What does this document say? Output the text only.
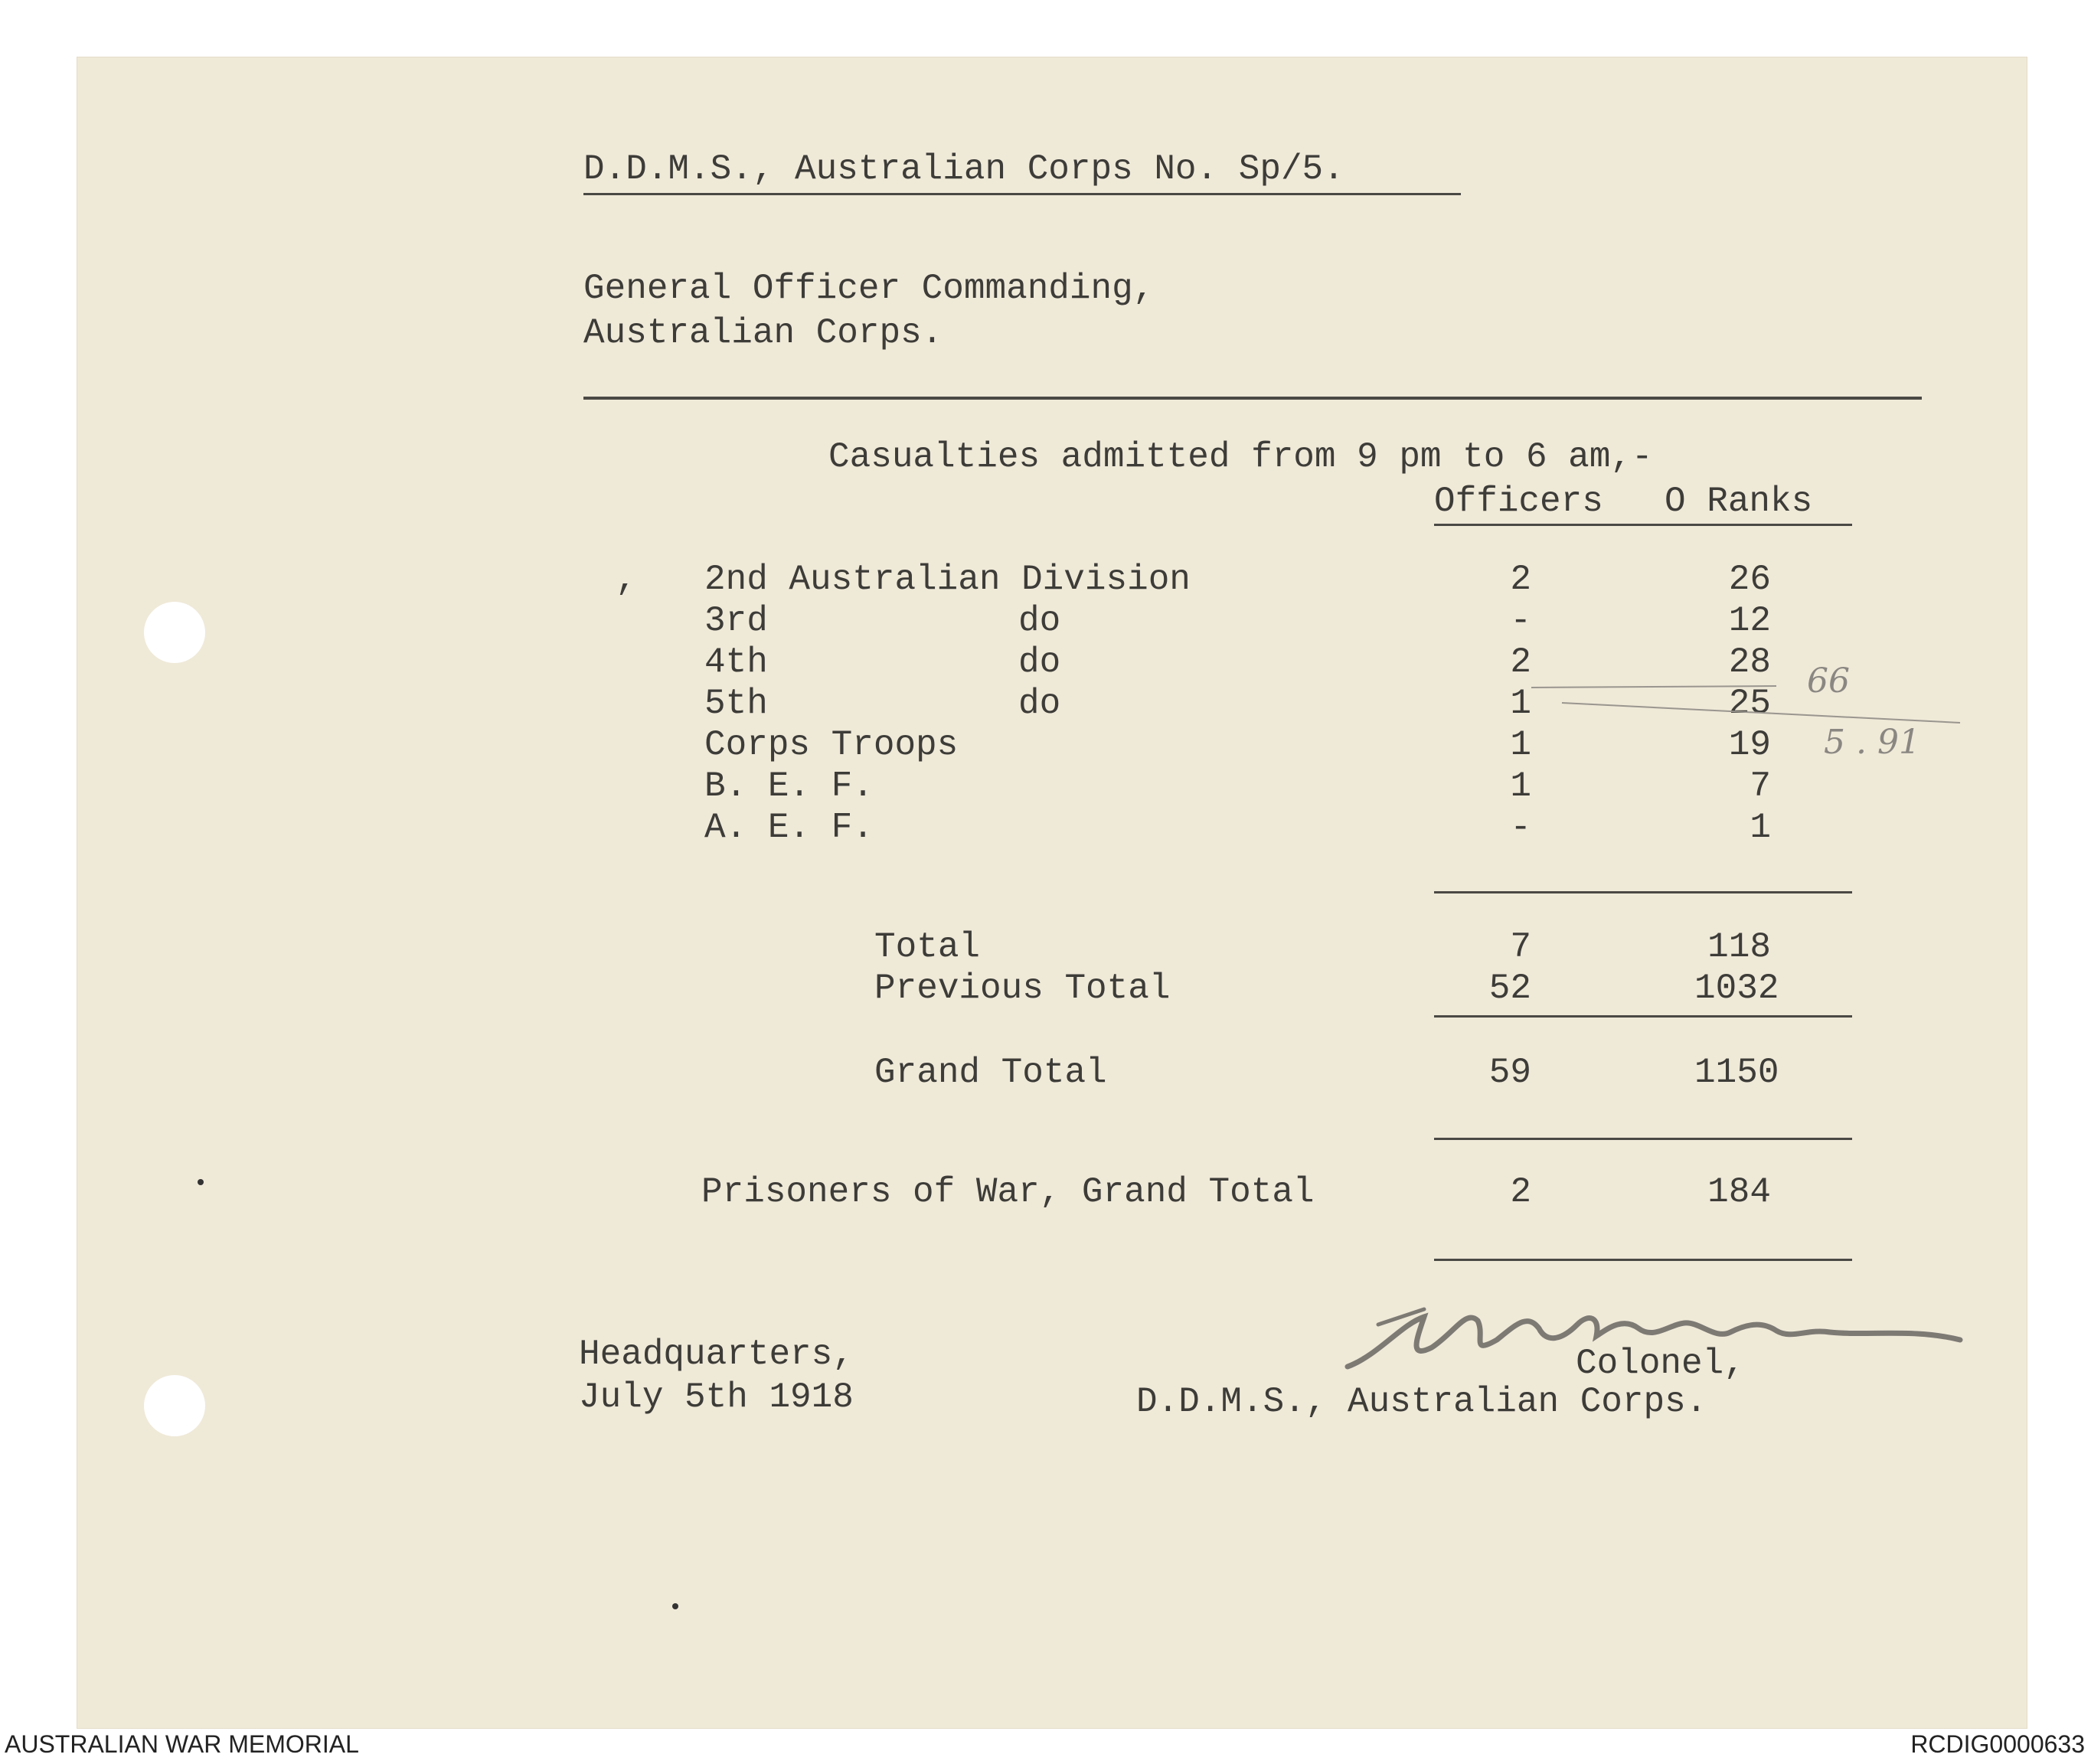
D.D.M.S., Australian Corps No. Sp/5.
General Officer Commanding,
Australian Corps.
Casualties admitted from 9 pm to 6 am,-
Officers O Ranks
, 2nd Australian Division	2	26
3rd	do	-	12
4th	do	2	28
5th	do	1	25
Corps Troops	1	19
B. E. F.	1	7
A. E. F.	-	1
Total	7	118
Previous Total	52	1032
Grand Total	59	1150
Prisoners of War, Grand Total	2	184
66
5 . 91
Headquarters,
July 5th 1918
Colonel,
D.D.M.S., Australian Corps.
AUSTRALIAN WAR MEMORIAL	RCDIG0000633
